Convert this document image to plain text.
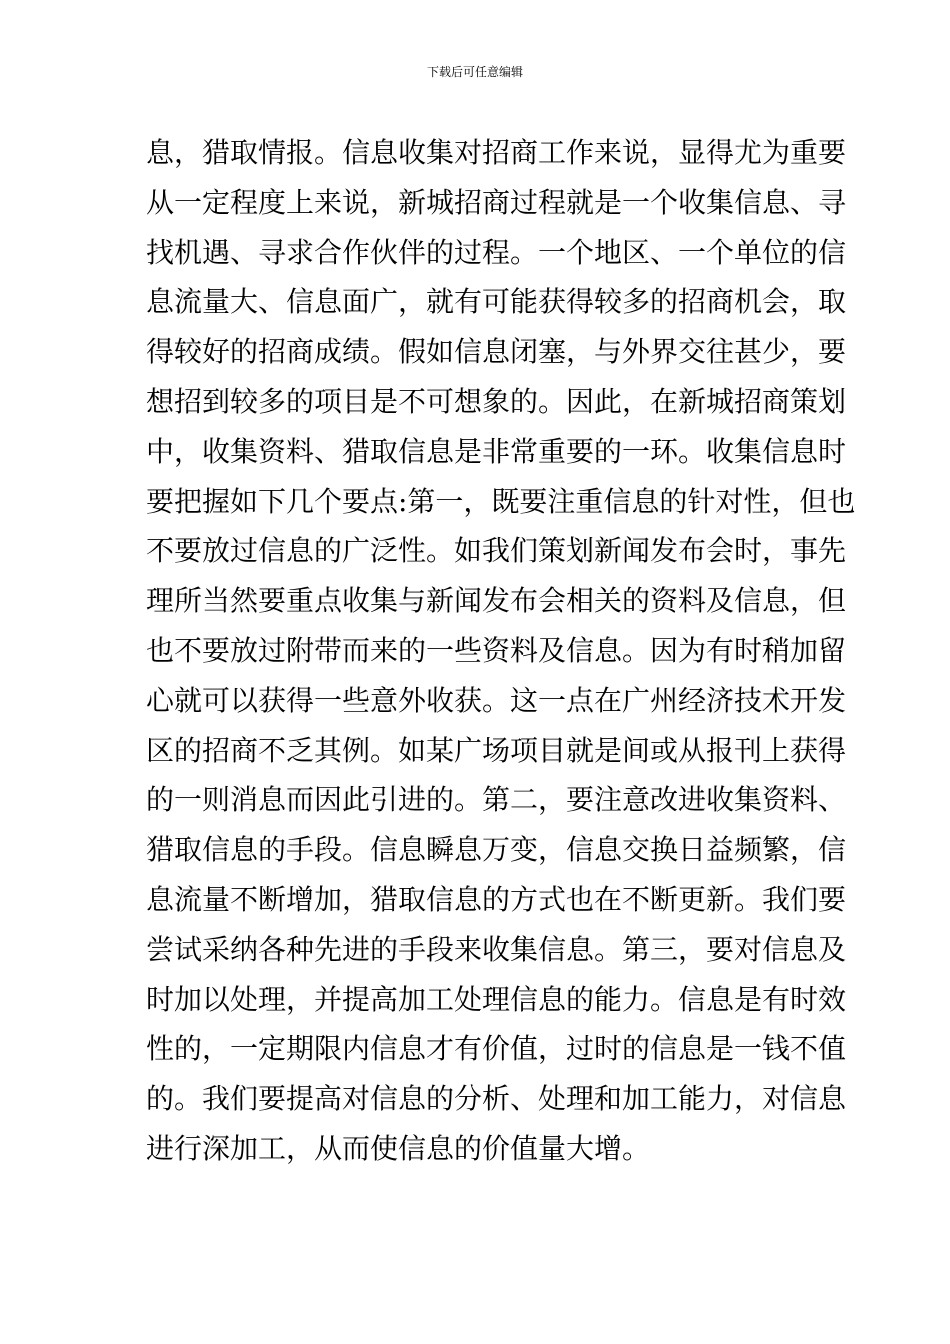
下载后可任意编辑
息，猎取情报。信息收集对招商工作来说，显得尤为重要
从一定程度上来说，新城招商过程就是一个收集信息、寻
找机遇、寻求合作伙伴的过程。一个地区、一个单位的信
息流量大、信息面广，就有可能获得较多的招商机会，取
得较好的招商成绩。假如信息闭塞，与外界交往甚少，要
想招到较多的项目是不可想象的。因此，在新城招商策划
中，收集资料、猎取信息是非常重要的一环。收集信息时
要把握如下几个要点:第一，既要注重信息的针对性，但也
不要放过信息的广泛性。如我们策划新闻发布会时，事先
理所当然要重点收集与新闻发布会相关的资料及信息，但
也不要放过附带而来的一些资料及信息。因为有时稍加留
心就可以获得一些意外收获。这一点在广州经济技术开发
区的招商不乏其例。如某广场项目就是间或从报刊上获得
的一则消息而因此引进的。第二，要注意改进收集资料、
猎取信息的手段。信息瞬息万变，信息交换日益频繁，信
息流量不断增加，猎取信息的方式也在不断更新。我们要
尝试采纳各种先进的手段来收集信息。第三，要对信息及
时加以处理，并提高加工处理信息的能力。信息是有时效
性的，一定期限内信息才有价值，过时的信息是一钱不值
的。我们要提高对信息的分析、处理和加工能力，对信息
进行深加工，从而使信息的价值量大增。
